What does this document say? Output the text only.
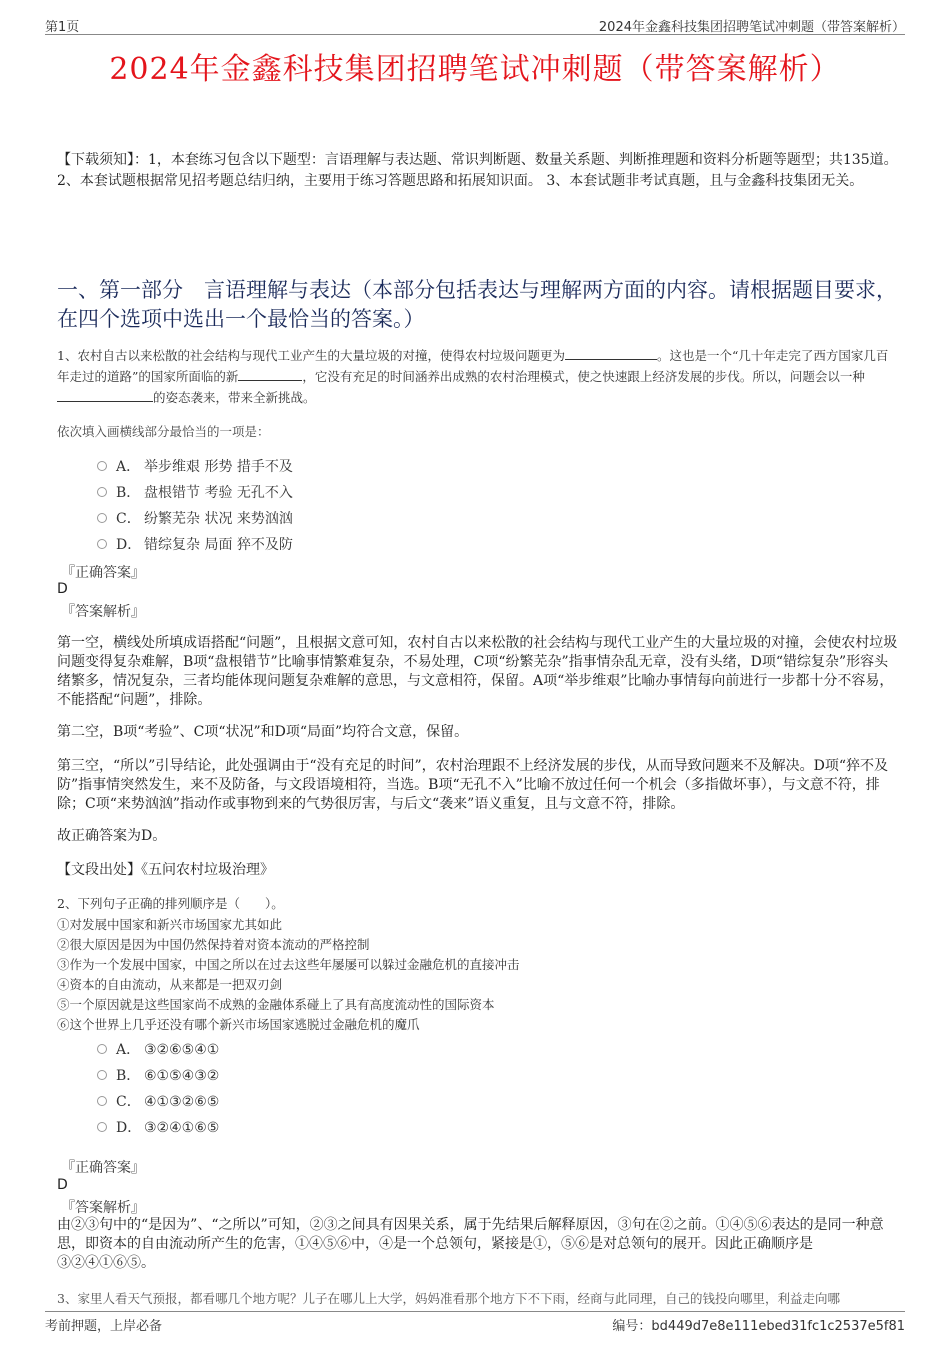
第1页	2024年金鑫科技集团招聘笔试冲刺题（带答案解析）
2024年金鑫科技集团招聘笔试冲刺题（带答案解析）
【下载须知】：1，本套练习包含以下题型：言语理解与表达题、常识判断题、数量关系题、判断推理题和资料分析题等题型；共135道。 2、本套试题根据常见招考题总结归纳，主要用于练习答题思路和拓展知识面。 3、本套试题非考试真题，且与金鑫科技集团无关。
一、第一部分　言语理解与表达（本部分包括表达与理解两方面的内容。请根据题目要求，在四个选项中选出一个最恰当的答案。）
1、农村自古以来松散的社会结构与现代工业产生的大量垃圾的对撞，使得农村垃圾问题更为	。这也是一个“几十年走完了西方国家几百年走过的道路”的国家所面临的新	，它没有充足的时间涵养出成熟的农村治理模式，使之快速跟上经济发展的步伐。所以，问题会以一种的姿态袭来，带来全新挑战。
依次填入画横线部分最恰当的一项是：
A． 举步维艰 形势 措手不及
B． 盘根错节 考验 无孔不入
C． 纷繁芜杂 状况 来势汹汹
D． 错综复杂 局面 猝不及防
『正确答案』
D
『答案解析』
第一空，横线处所填成语搭配“问题”，且根据文意可知，农村自古以来松散的社会结构与现代工业产生的大量垃圾的对撞，会使农村垃圾问题变得复杂难解，B项“盘根错节”比喻事情繁难复杂，不易处理，C项“纷繁芜杂”指事情杂乱无章，没有头绪，D项“错综复杂”形容头绪繁多，情况复杂，三者均能体现问题复杂难解的意思，与文意相符，保留。A项“举步维艰”比喻办事情每向前进行一步都十分不容易，不能搭配“问题”，排除。
第二空，B项“考验”、C项“状况”和D项“局面”均符合文意，保留。
第三空，“所以”引导结论，此处强调由于“没有充足的时间”，农村治理跟不上经济发展的步伐，从而导致问题来不及解决。D项“猝不及防”指事情突然发生，来不及防备，与文段语境相符，当选。B项“无孔不入”比喻不放过任何一个机会（多指做坏事），与文意不符，排除；C项“来势汹汹”指动作或事物到来的气势很厉害，与后文“袭来”语义重复，且与文意不符，排除。
故正确答案为D。
【文段出处】《五问农村垃圾治理》
2、下列句子正确的排列顺序是（　　）。
①对发展中国家和新兴市场国家尤其如此
②很大原因是因为中国仍然保持着对资本流动的严格控制
③作为一个发展中国家，中国之所以在过去这些年屡屡可以躲过金融危机的直接冲击
④资本的自由流动，从来都是一把双刃剑
⑤一个原因就是这些国家尚不成熟的金融体系碰上了具有高度流动性的国际资本
⑥这个世界上几乎还没有哪个新兴市场国家逃脱过金融危机的魔爪
A． ③②⑥⑤④①
B． ⑥①⑤④③②
C． ④①③②⑥⑤
D． ③②④①⑥⑤
『正确答案』
D
『答案解析』
由②③句中的“是因为”、“之所以”可知，②③之间具有因果关系，属于先结果后解释原因，③句在②之前。①④⑤⑥表达的是同一种意思，即资本的自由流动所产生的危害，①④⑤⑥中，④是一个总领句，紧接是①，⑤⑥是对总领句的展开。因此正确顺序是③②④①⑥⑤。
3、家里人看天气预报，都看哪几个地方呢？儿子在哪儿上大学，妈妈准看那个地方下不下雨，经商与此同理，自己的钱投向哪里，利益走向哪
考前押题，上岸必备	编号：bd449d7e8e111ebed31fc1c2537e5f81
